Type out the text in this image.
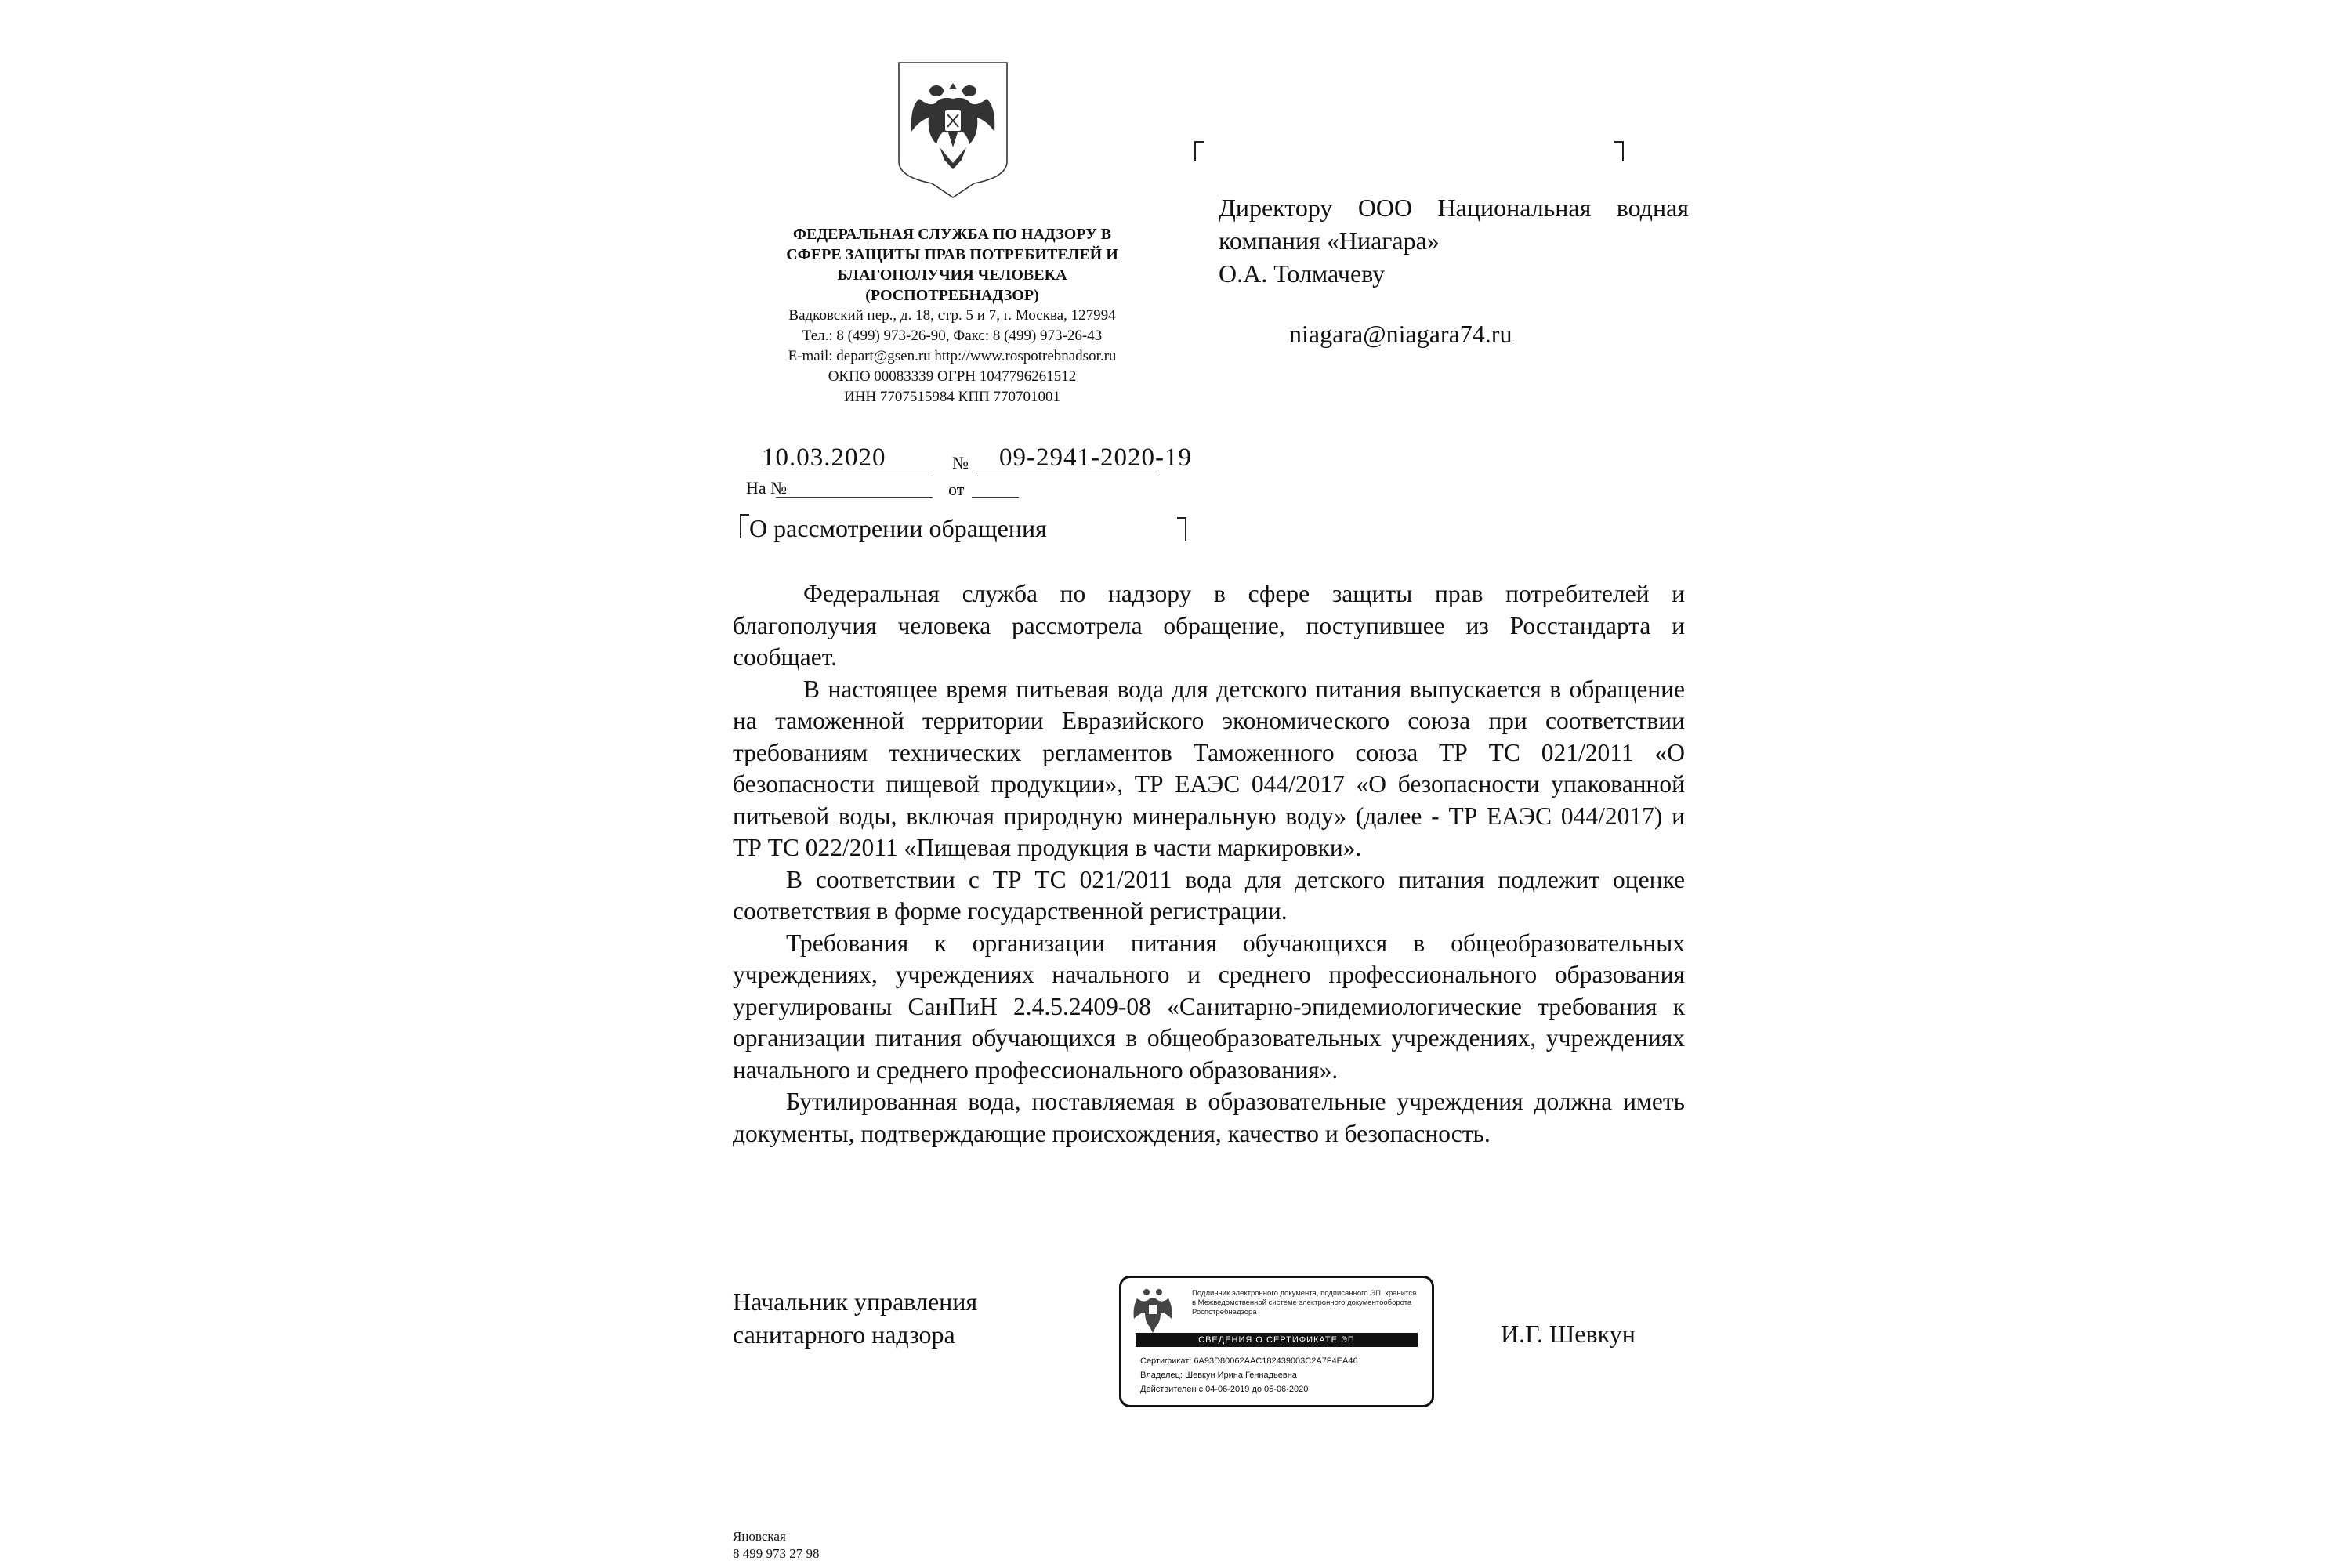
ФЕДЕРАЛЬНАЯ СЛУЖБА ПО НАДЗОРУ В

СФЕРЕ ЗАЩИТЫ ПРАВ ПОТРЕБИТЕЛЕЙ И

БЛАГОПОЛУЧИЯ ЧЕЛОВЕКА

(РОСПОТРЕБНАДЗОР)

Вадковский пер., д. 18, стр. 5 и 7, г. Москва, 127994

Тел.: 8 (499) 973-26-90, Факс: 8 (499) 973-26-43

E-mail: depart@gsen.ru http://www.rospotrebnadsor.ru

ОКПО 00083339 ОГРН 1047796261512

ИНН 7707515984 КПП 770701001

Директору ООО Национальная водная
компания «Ниагара»
О.А. Толмачеву
niagara@niagara74.ru
10.03.2020	№ 09-2941-2020-19
На №	от
О рассмотрении обращения

Федеральная служба по надзору в сфере защиты прав потребителей и благополучия человека рассмотрела обращение, поступившее из Росстандарта и сообщает.

В настоящее время питьевая вода для детского питания выпускается в обращение на таможенной территории Евразийского экономического союза при соответствии требованиям технических регламентов Таможенного союза ТР ТС 021/2011 «О безопасности пищевой продукции», ТР ЕАЭС 044/2017 «О безопасности упакованной питьевой воды, включая природную минеральную воду» (далее - ТР ЕАЭС 044/2017) и ТР ТС 022/2011 «Пищевая продукция в части маркировки».

В соответствии с ТР ТС 021/2011 вода для детского питания подлежит оценке соответствия в форме государственной регистрации.

Требования к организации питания обучающихся в общеобразовательных учреждениях, учреждениях начального и среднего профессионального образования урегулированы СанПиН 2.4.5.2409-08 «Санитарно-эпидемиологические требования к организации питания обучающихся в общеобразовательных учреждениях, учреждениях начального и среднего профессионального образования».

Бутилированная вода, поставляемая в образовательные учреждения должна иметь документы, подтверждающие происхождения, качество и безопасность.

Начальник управления
санитарного надзора	И.Г. Шевкун
Подлинник электронного документа, подписанного ЭП, хранится в Межведомственной системе электронного документооборота Роспотребнадзора
СВЕДЕНИЯ О СЕРТИФИКАТЕ ЭП
Сертификат: 6A93D80062AAC182439003C2A7F4EA46
Владелец: Шевкун Ирина Геннадьевна
Действителен с 04-06-2019 до 05-06-2020
Яновская
8 499 973 27 98
